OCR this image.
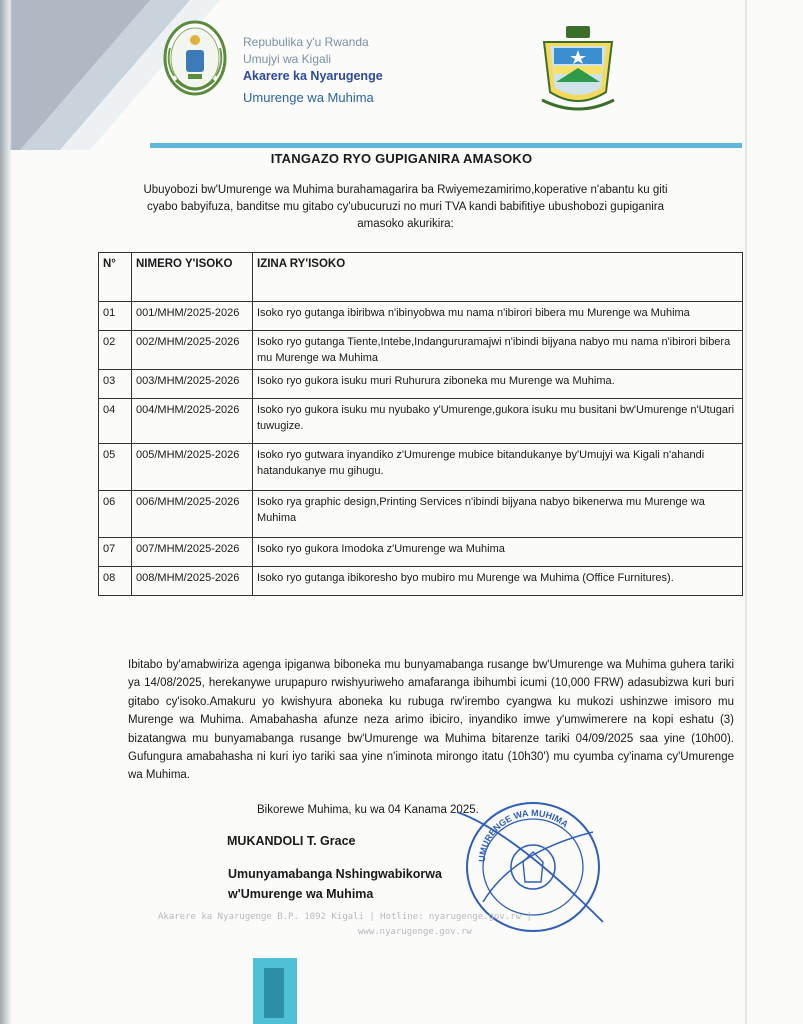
Repubulika y'u Rwanda
Umujyi wa Kigali
Akarere ka Nyarugenge
Umurenge wa Muhima
ITANGAZO RYO GUPIGANIRA AMASOKO
Ubuyobozi bw'Umurenge wa Muhima burahamagarira ba Rwiyemezamirimo,koperative n'abantu ku giti cyabo babyifuza, banditse mu gitabo cy'ubucuruzi no muri TVA kandi babifitiye ubushobozi gupiganira amasoko akurikira:
N°	NIMERO Y'ISOKO	IZINA RY'ISOKO
01	001/MHM/2025-2026	Isoko ryo gutanga ibiribwa n'ibinyobwa mu nama n'ibirori bibera mu Murenge wa Muhima
02	002/MHM/2025-2026	Isoko ryo gutanga Tiente,Intebe,Indangururamajwi n'ibindi bijyana nabyo mu nama n'ibirori bibera mu Murenge wa Muhima
03	003/MHM/2025-2026	Isoko ryo gukora isuku muri Ruhurura ziboneka mu Murenge wa Muhima.
04	004/MHM/2025-2026	Isoko ryo gukora isuku mu nyubako y'Umurenge,gukora isuku mu busitani bw'Umurenge n'Utugari tuwugize.
05	005/MHM/2025-2026	Isoko ryo gutwara inyandiko z'Umurenge mubice bitandukanye by'Umujyi wa Kigali n'ahandi hatandukanye mu gihugu.
06	006/MHM/2025-2026	Isoko rya graphic design,Printing Services n'ibindi bijyana nabyo bikenerwa mu Murenge wa Muhima
07	007/MHM/2025-2026	Isoko ryo gukora Imodoka z'Umurenge wa Muhima
08	008/MHM/2025-2026	Isoko ryo gutanga ibikoresho byo mubiro mu Murenge wa Muhima (Office Furnitures).
Ibitabo by'amabwiriza agenga ipiganwa biboneka mu bunyamabanga rusange bw'Umurenge wa Muhima guhera tariki ya 14/08/2025, herekanywe urupapuro rwishyuriweho amafaranga ibihumbi icumi (10,000 FRW) adasubizwa kuri buri gitabo cy'isoko.Amakuru yo kwishyura aboneka ku rubuga rw'irembo cyangwa ku mukozi ushinzwe imisoro mu Murenge wa Muhima. Amabahasha afunze neza arimo ibiciro, inyandiko imwe y'umwimerere na kopi eshatu (3) bizatangwa mu bunyamabanga rusange bw'Umurenge wa Muhima bitarenze tariki 04/09/2025 saa yine (10h00). Gufungura amabahasha ni kuri iyo tariki saa yine n'iminota mirongo itatu (10h30') mu cyumba cy'inama cy'Umurenge wa Muhima.
Bikorewe Muhima, ku wa 04 Kanama 2025.
MUKANDOLI T. Grace
Umunyamabanga Nshingwabikorwa
w'Umurenge wa Muhima
UMURENGE WA MUHIMA
Akarere ka Nyarugenge B.P. 1092 Kigali | Hotline: nyarugenge.gov.rw |
www.nyarugenge.gov.rw
